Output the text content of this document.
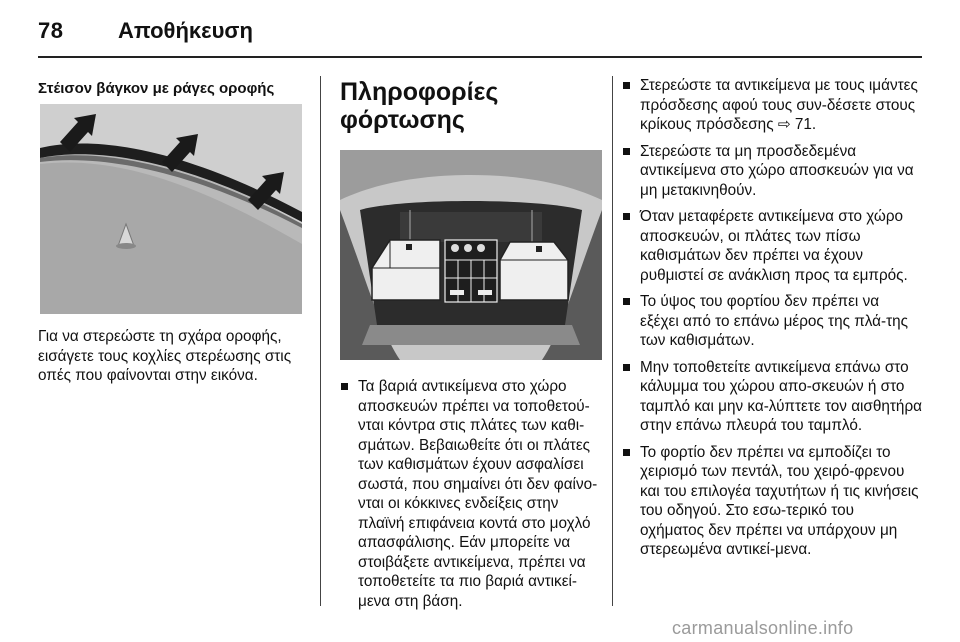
78 Αποθήκευση
Στέισον βάγκον με ράγες οροφής
Για να στερεώστε τη σχάρα οροφής, εισάγετε τους κοχλίες στερέωσης στις οπές που φαίνονται στην εικόνα.
Πληροφορίες φόρτωσης
Τα βαριά αντικείμενα στο χώρο αποσκευών πρέπει να τοποθετού-νται κόντρα στις πλάτες των καθι-σμάτων. Βεβαιωθείτε ότι οι πλάτες των καθισμάτων έχουν ασφαλίσει σωστά, που σημαίνει ότι δεν φαίνο-νται οι κόκκινες ενδείξεις στην πλαϊνή επιφάνεια κοντά στο μοχλό απασφάλισης. Εάν μπορείτε να στοιβάξετε αντικείμενα, πρέπει να τοποθετείτε τα πιο βαριά αντικεί-μενα στη βάση.
Στερεώστε τα αντικείμενα με τους ιμάντες πρόσδεσης αφού τους συν-δέσετε στους κρίκους πρόσδεσης ⇨ 71.
Στερεώστε τα μη προσδεδεμένα αντικείμενα στο χώρο αποσκευών για να μη μετακινηθούν.
Όταν μεταφέρετε αντικείμενα στο χώρο αποσκευών, οι πλάτες των πίσω καθισμάτων δεν πρέπει να έχουν ρυθμιστεί σε ανάκλιση προς τα εμπρός.
Το ύψος του φορτίου δεν πρέπει να εξέχει από το επάνω μέρος της πλά-της των καθισμάτων.
Μην τοποθετείτε αντικείμενα επάνω στο κάλυμμα του χώρου απο-σκευών ή στο ταμπλό και μην κα-λύπτετε τον αισθητήρα στην επάνω πλευρά του ταμπλό.
Το φορτίο δεν πρέπει να εμποδίζει το χειρισμό των πεντάλ, του χειρό-φρενου και του επιλογέα ταχυτήτων ή τις κινήσεις του οδηγού. Στο εσω-τερικό του οχήματος δεν πρέπει να υπάρχουν μη στερεωμένα αντικεί-μενα.
carmanualsonline.info
